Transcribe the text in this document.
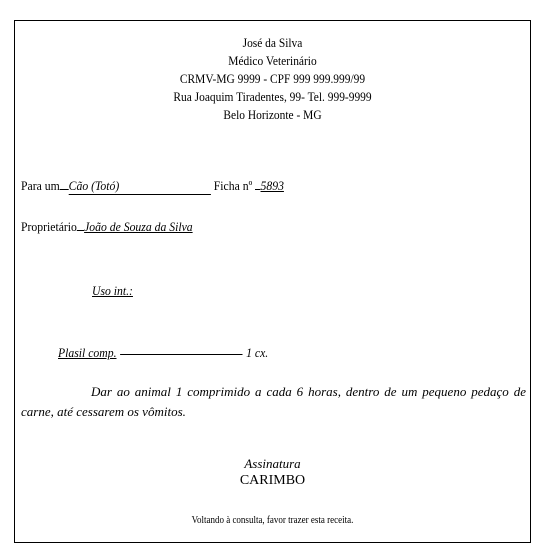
José da Silva
Médico Veterinário
CRMV-MG 9999 - CPF 999 999.999/99
Rua Joaquim Tiradentes, 99- Tel. 999-9999
Belo Horizonte - MG
Para um Cão (Totó)	Ficha nº 5893
Proprietário João de Souza da Silva
Uso int.:
Plasil comp.	1 cx.
Dar ao animal 1 comprimido a cada 6 horas, dentro de um pequeno pedaço de carne, até cessarem os vômitos.
Assinatura
CARIMBO
Voltando à consulta, favor trazer esta receita.
